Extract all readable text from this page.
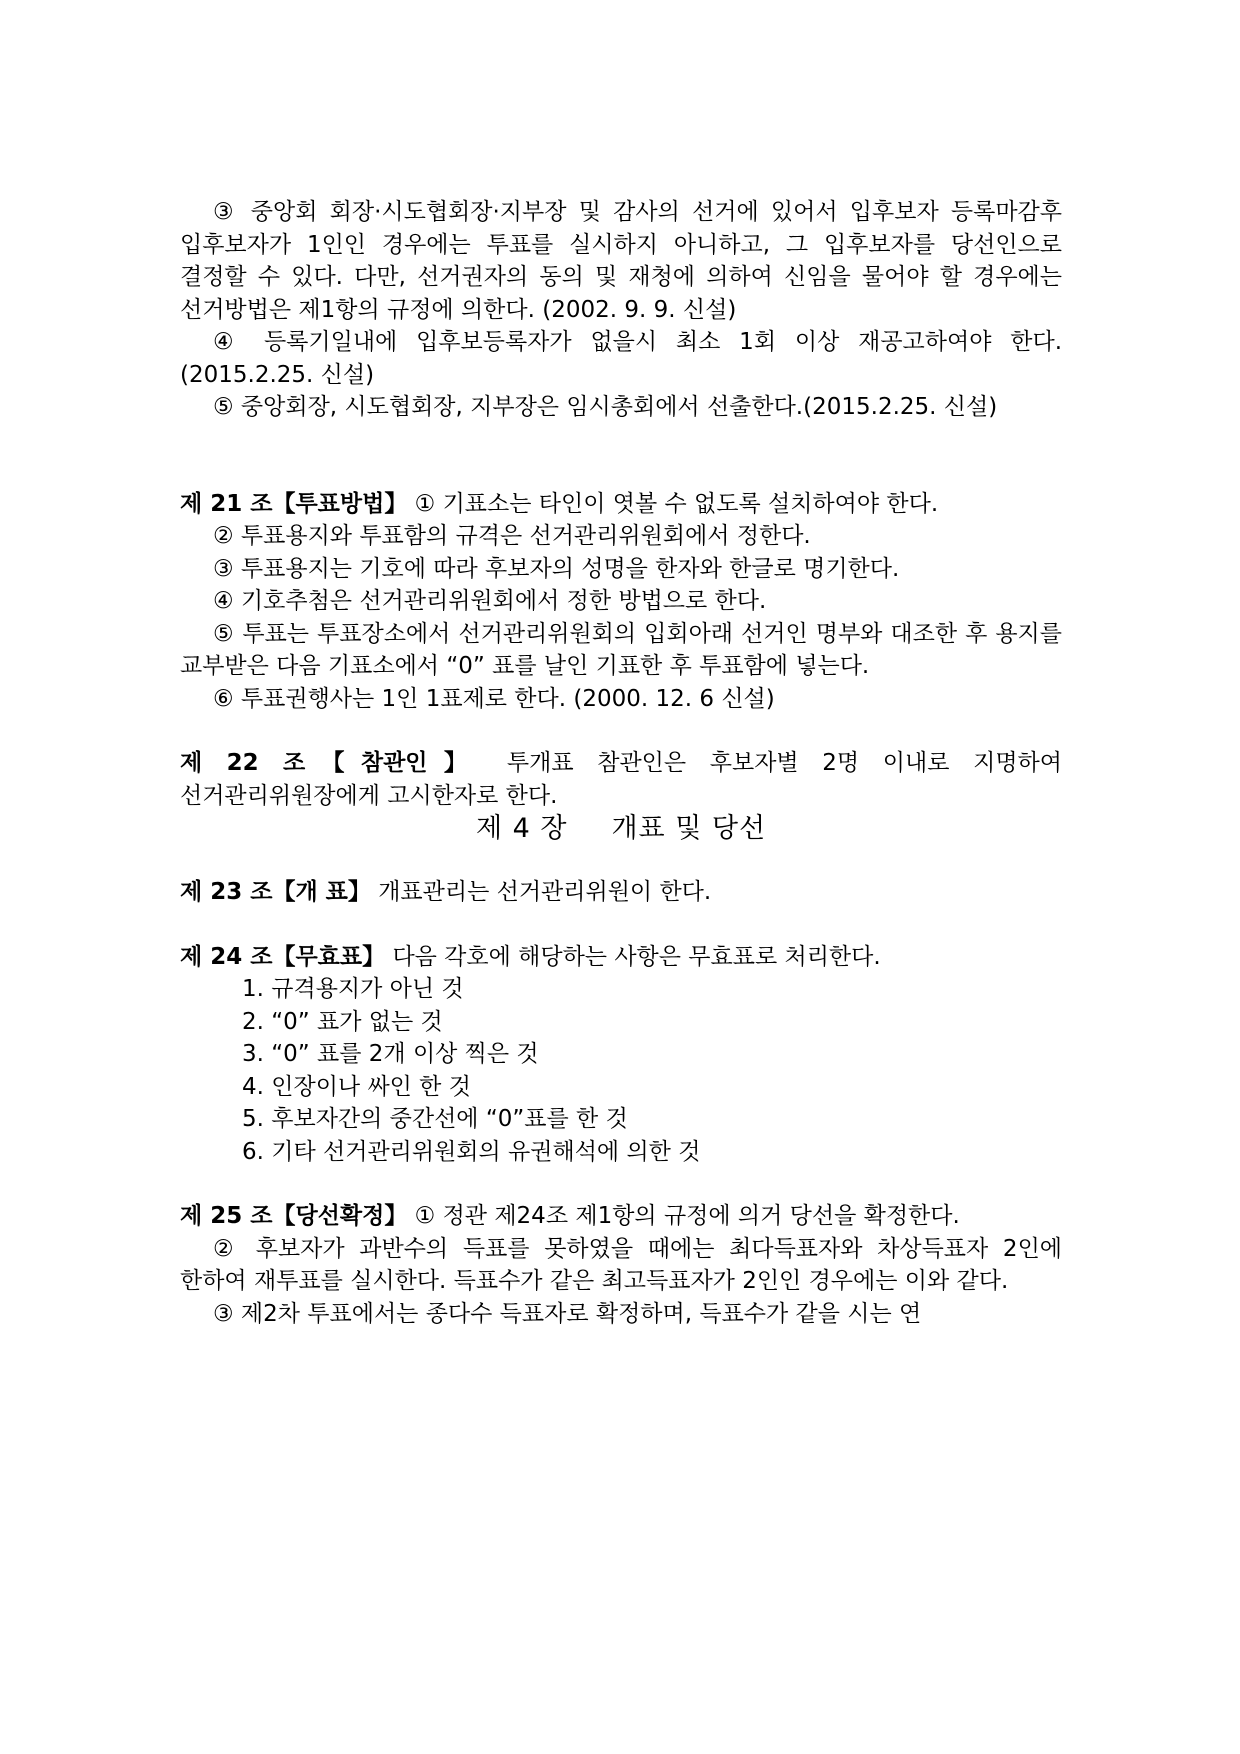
③ 중앙회 회장·시도협회장·지부장 및 감사의 선거에 있어서 입후보자 등록마감후 입후보자가 1인인 경우에는 투표를 실시하지 아니하고, 그 입후보자를 당선인으로 결정할 수 있다. 다만, 선거권자의 동의 및 재청에 의하여 신임을 물어야 할 경우에는 선거방법은 제1항의 규정에 의한다. (2002. 9. 9. 신설)

④ 등록기일내에 입후보등록자가 없을시 최소 1회 이상 재공고하여야 한다.(2015.2.25. 신설)

⑤ 중앙회장, 시도협회장, 지부장은 임시총회에서 선출한다.(2015.2.25. 신설)

제 21 조【투표방법】 ① 기표소는 타인이 엿볼 수 없도록 설치하여야 한다.

② 투표용지와 투표함의 규격은 선거관리위원회에서 정한다.

③ 투표용지는 기호에 따라 후보자의 성명을 한자와 한글로 명기한다.

④ 기호추첨은 선거관리위원회에서 정한 방법으로 한다.

⑤ 투표는 투표장소에서 선거관리위원회의 입회아래 선거인 명부와 대조한 후 용지를 교부받은 다음 기표소에서 “0” 표를 날인 기표한 후 투표함에 넣는다.

⑥ 투표권행사는 1인 1표제로 한다. (2000. 12. 6 신설)

제 22 조【참관인】 투개표 참관인은 후보자별 2명 이내로 지명하여 선거관리위원장에게 고시한자로 한다.

제 4 장 개표 및 당선

제 23 조【개 표】 개표관리는 선거관리위원이 한다.

제 24 조【무효표】 다음 각호에 해당하는 사항은 무효표로 처리한다.

1. 규격용지가 아닌 것
2. “0” 표가 없는 것
3. “0” 표를 2개 이상 찍은 것
4. 인장이나 싸인 한 것
5. 후보자간의 중간선에 “0”표를 한 것
6. 기타 선거관리위원회의 유권해석에 의한 것

제 25 조【당선확정】 ① 정관 제24조 제1항의 규정에 의거 당선을 확정한다.

② 후보자가 과반수의 득표를 못하였을 때에는 최다득표자와 차상득표자 2인에 한하여 재투표를 실시한다. 득표수가 같은 최고득표자가 2인인 경우에는 이와 같다.

③ 제2차 투표에서는 종다수 득표자로 확정하며, 득표수가 같을 시는 연
